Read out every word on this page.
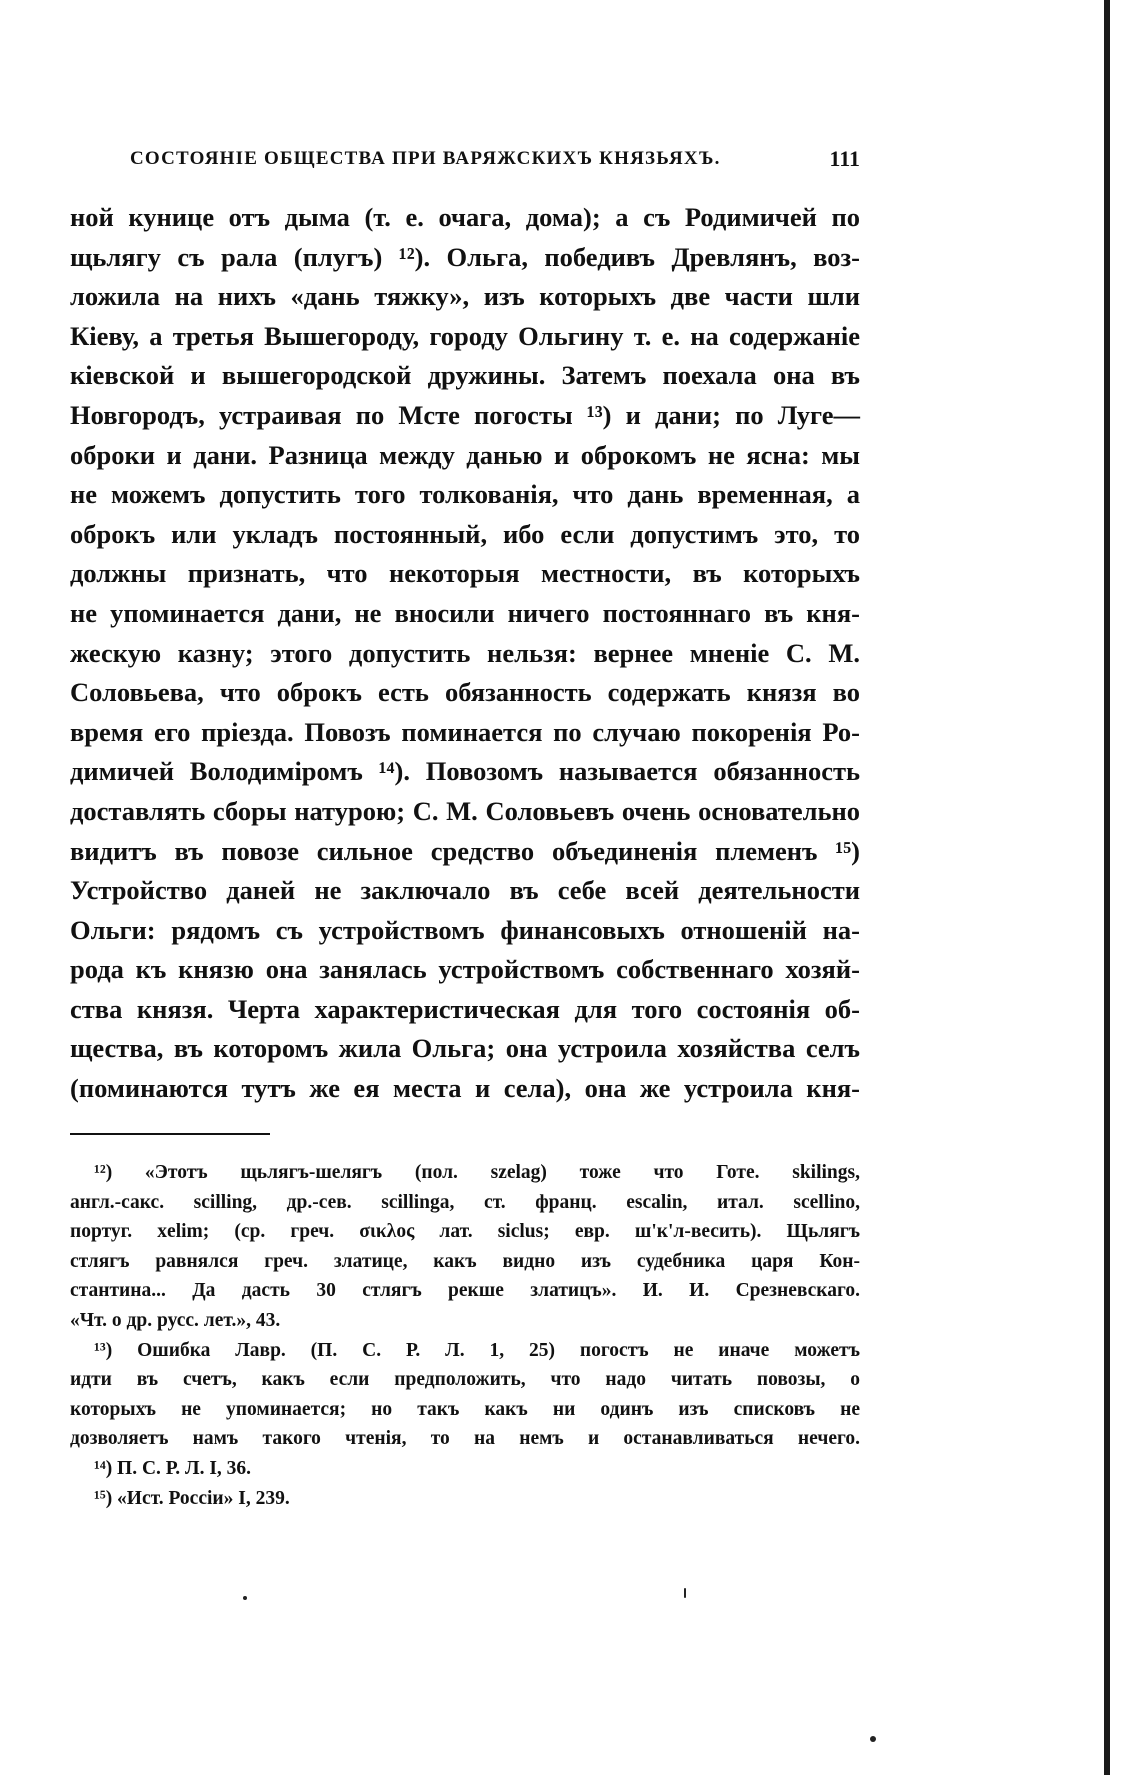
СОСТОЯНІЕ ОБЩЕСТВА ПРИ ВАРЯЖСКИХЪ КНЯЗЬЯХЪ.	111
ной кунице отъ дыма (т. е. очага, дома); а съ Родимичей по
щьлягу съ рала (плугъ) ¹²). Ольга, победивъ Древлянъ, воз-
ложила на нихъ «дань тяжку», изъ которыхъ две части шли
Кіеву, а третья Вышегороду, городу Ольгину т. е. на содержаніе
кіевской и вышегородской дружины. Затемъ поехала она въ
Новгородъ, устраивая по Мсте погосты ¹³) и дани; по Луге—
оброки и дани. Разница между данью и оброкомъ не ясна: мы
не можемъ допустить того толкованія, что дань временная, а
оброкъ или укладъ постоянный, ибо если допустимъ это, то
должны признать, что некоторыя местности, въ которыхъ
не упоминается дани, не вносили ничего постояннаго въ кня-
жескую казну; этого допустить нельзя: вернее мненіе С. М.
Соловьева, что оброкъ есть обязанность содержать князя во
время его пріезда. Повозъ поминается по случаю покоренія Ро-
димичей Володиміромъ ¹⁴). Повозомъ называется обязанность
доставлять сборы натурою; С. М. Соловьевъ очень основательно
видитъ въ повозе сильное средство объединенія племенъ ¹⁵)
Устройство даней не заключало въ себе всей деятельности
Ольги: рядомъ съ устройствомъ финансовыхъ отношеній на-
рода къ князю она занялась устройствомъ собственнаго хозяй-
ства князя. Черта характеристическая для того состоянія об-
щества, въ которомъ жила Ольга; она устроила хозяйства селъ
(поминаются тутъ же ея места и села), она же устроила кня-
¹²) «Этотъ щьлягъ-шелягъ (пол. szelag) тоже что Готе. skilings,
англ.-сакс. scilling, др.-сев. scillinga, ст. франц. escalin, итал. scellino,
португ. xelim; (ср. греч. σικλος лат. siclus; евр. ш'к'л-весить). Щьлягъ
стлягъ равнялся греч. златицe, какъ видно изъ судебника царя Кон-
стантина... Да дасть 30 стлягъ рекше златицъ». И. И. Срезневскаго.
«Чт. о др. русс. лет.», 43.
¹³) Ошибка Лавр. (П. С. Р. Л. 1, 25) погостъ не иначе можетъ
идти въ счетъ, какъ если предположить, что надо читать повозы, о
которыхъ не упоминается; но такъ какъ ни одинъ изъ списковъ не
дозволяетъ намъ такого чтенія, то на немъ и останавливаться нечего.
¹⁴) П. С. Р. Л. I, 36.
¹⁵) «Ист. Россіи» I, 239.
